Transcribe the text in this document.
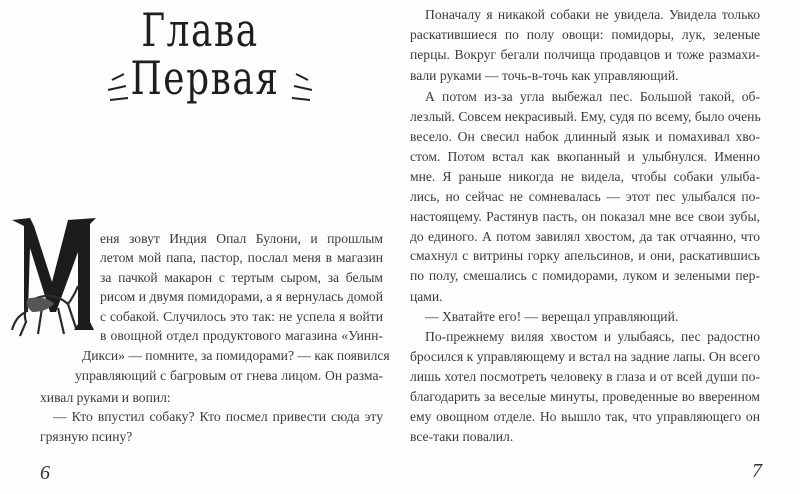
Глава
Первая
еня зовут Индия Опал Булони, и прошлым
летом мой папа, пастор, послал меня в магазин
за пачкой макарон с тертым сыром, за белым
рисом и двумя помидорами, а я вернулась домой
с собакой. Случилось это так: не успела я войти
в овощной отдел продуктового магазина «Уинн-
Дикси» — помните, за помидорами? — как появился
управляющий с багровым от гнева лицом. Он разма-
хивал руками и вопил:
— Кто впустил собаку? Кто посмел привести сюда эту
грязную псину?
6
Поначалу я никакой собаки не увидела. Увидела только
раскатившиеся по полу овощи: помидоры, лук, зеленые
перцы. Вокруг бегали полчища продавцов и тоже размахи-
вали руками — точь-в-точь как управляющий.
А потом из-за угла выбежал пес. Большой такой, об-
лезлый. Совсем некрасивый. Ему, судя по всему, было очень
весело. Он свесил набок длинный язык и помахивал хво-
стом. Потом встал как вкопанный и улыбнулся. Именно
мне. Я раньше никогда не видела, чтобы собаки улыба-
лись, но сейчас не сомневалась — этот пес улыбался по-
настоящему. Растянув пасть, он показал мне все свои зубы,
до единого. А потом завилял хвостом, да так отчаянно, что
смахнул с витрины горку апельсинов, и они, раскатившись
по полу, смешались с помидорами, луком и зелеными пер-
цами.
— Хватайте его! — верещал управляющий.
По-прежнему виляя хвостом и улыбаясь, пес радостно
бросился к управляющему и встал на задние лапы. Он всего
лишь хотел посмотреть человеку в глаза и от всей души по-
благодарить за веселые минуты, проведенные во вверенном
ему овощном отделе. Но вышло так, что управляющего он
все-таки повалил.
7
